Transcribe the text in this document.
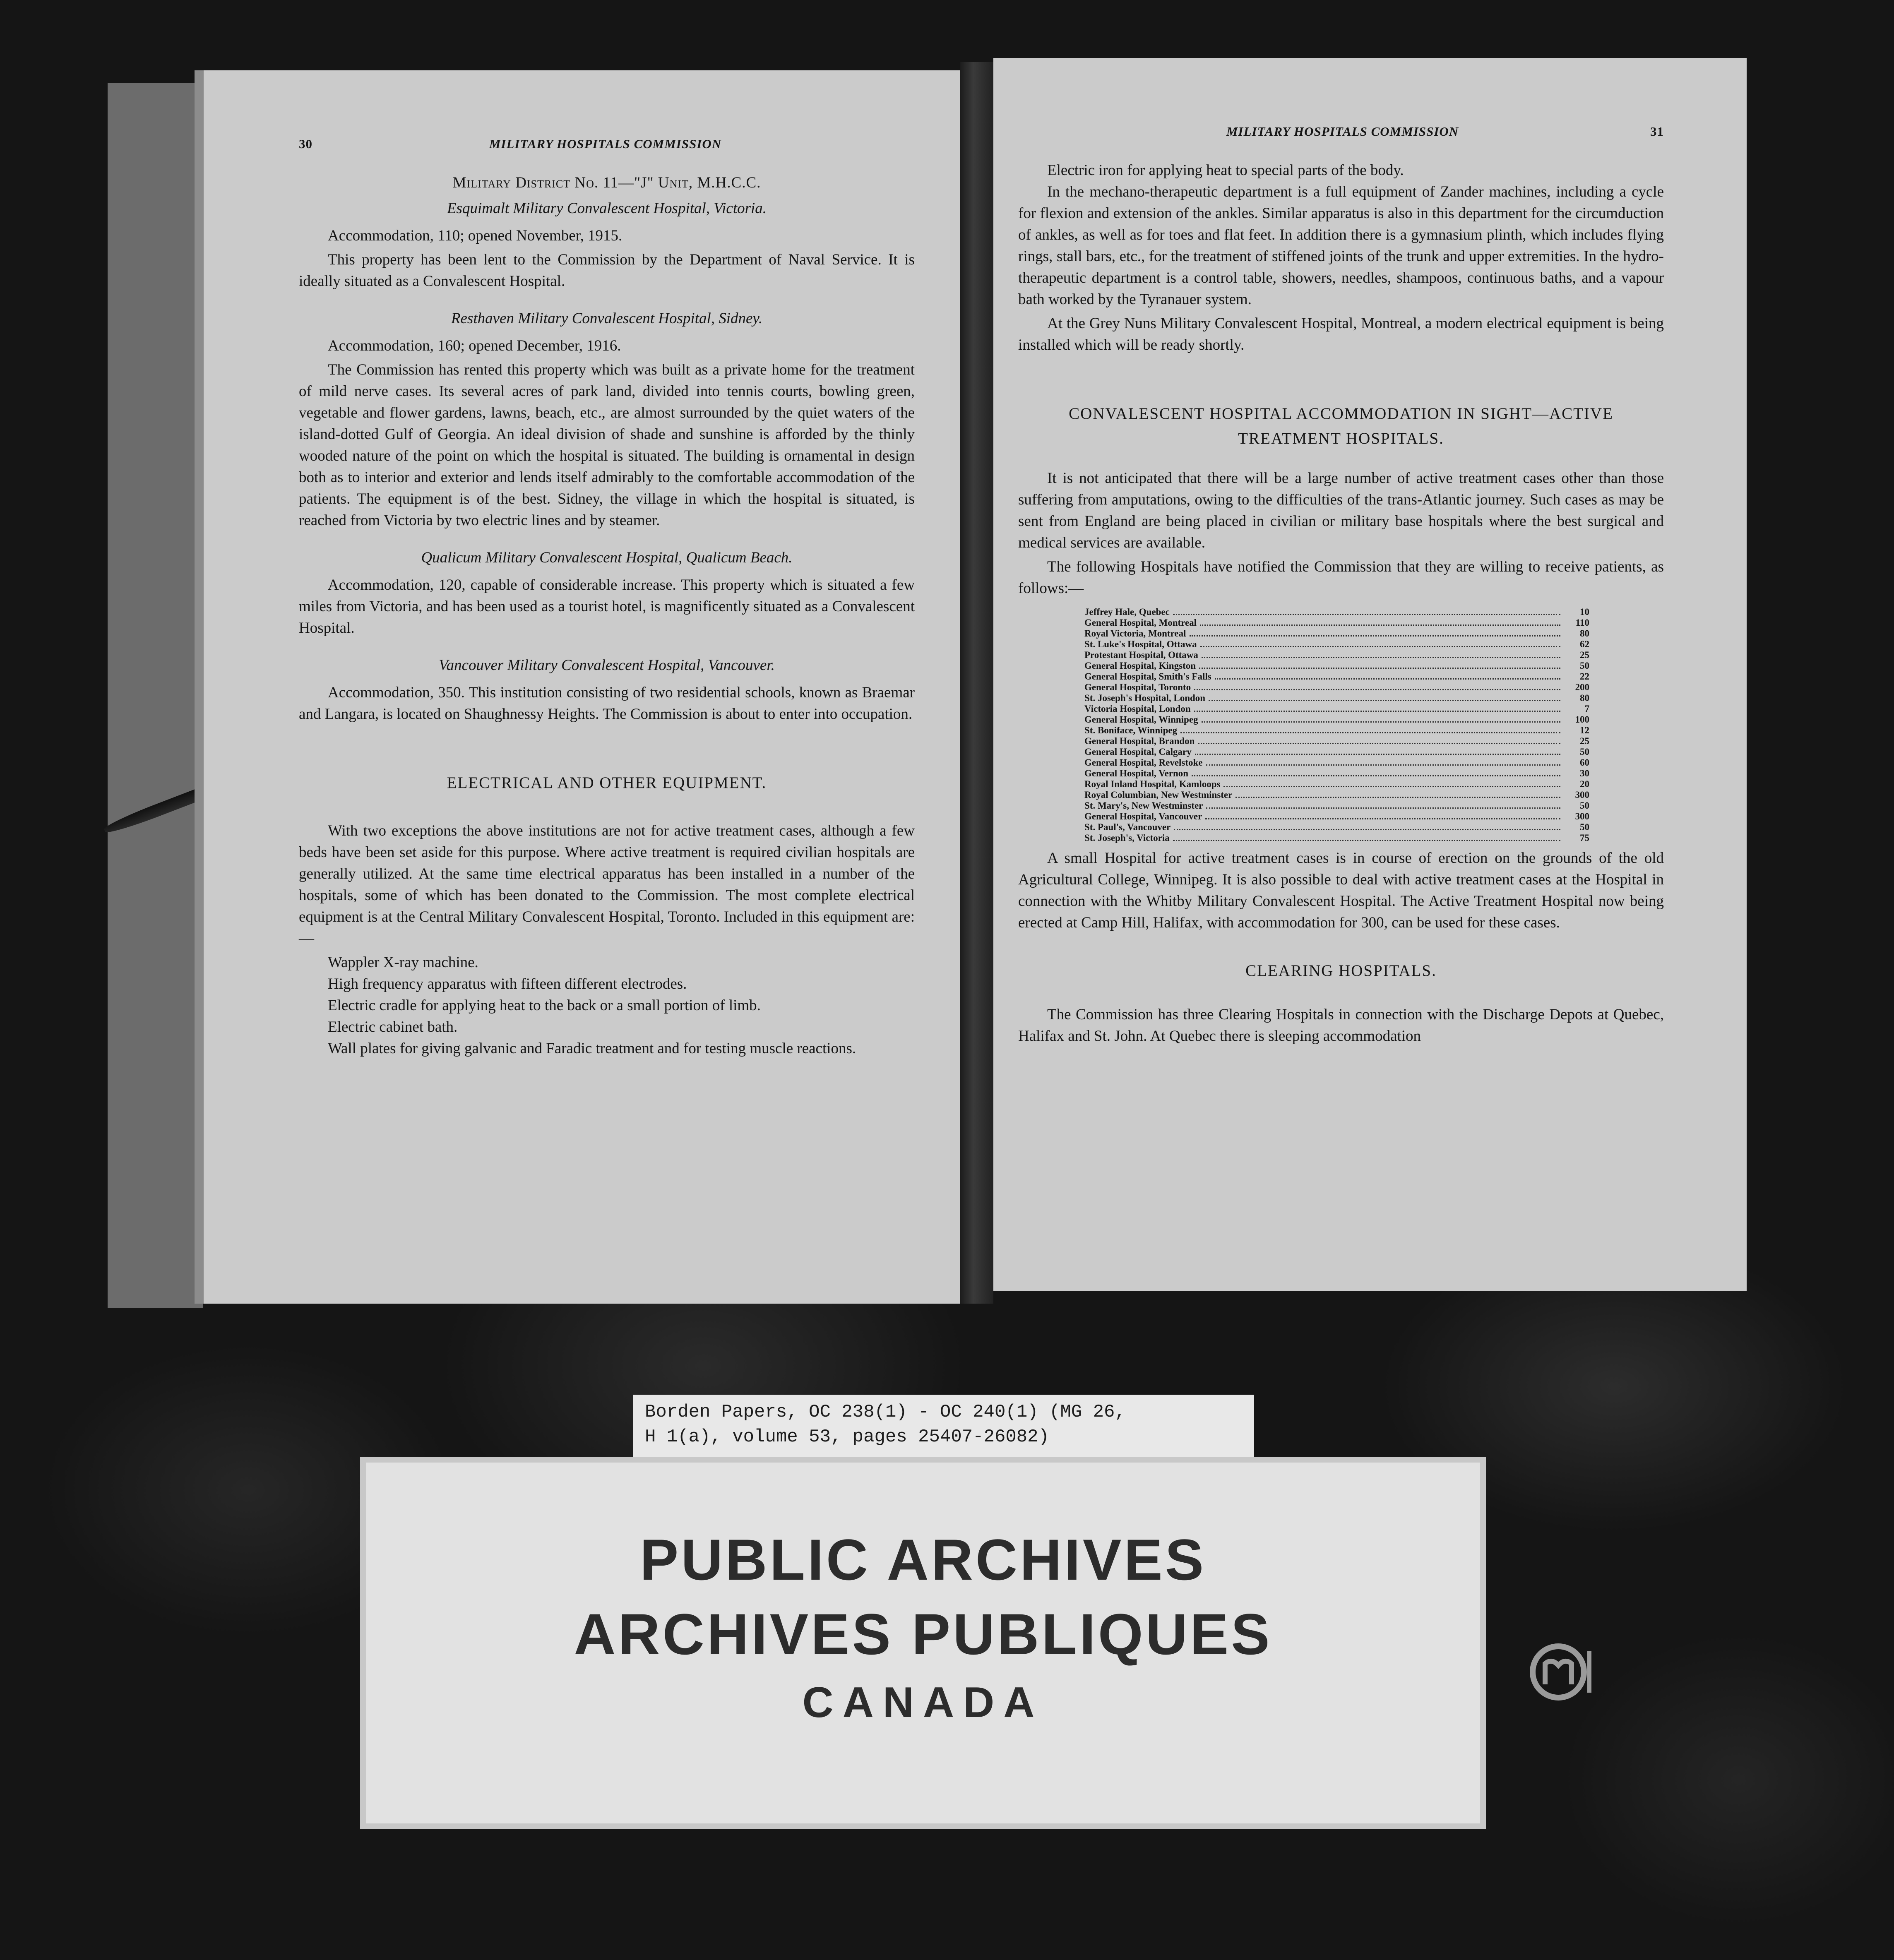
30	MILITARY HOSPITALS COMMISSION
Military District No. 11—"J" Unit, M.H.C.C.
Esquimalt Military Convalescent Hospital, Victoria.

Accommodation, 110; opened November, 1915.

This property has been lent to the Commission by the Department of Naval Service. It is ideally situated as a Convalescent Hospital.

Resthaven Military Convalescent Hospital, Sidney.

Accommodation, 160; opened December, 1916.

The Commission has rented this property which was built as a private home for the treatment of mild nerve cases. Its several acres of park land, divided into tennis courts, bowling green, vegetable and flower gardens, lawns, beach, etc., are almost surrounded by the quiet waters of the island-dotted Gulf of Georgia. An ideal division of shade and sunshine is afforded by the thinly wooded nature of the point on which the hospital is situated. The building is ornamental in design both as to interior and exterior and lends itself admirably to the comfortable accommodation of the patients. The equipment is of the best. Sidney, the village in which the hospital is situated, is reached from Victoria by two electric lines and by steamer.

Qualicum Military Convalescent Hospital, Qualicum Beach.

Accommodation, 120, capable of considerable increase. This property which is situated a few miles from Victoria, and has been used as a tourist hotel, is magnificently situated as a Convalescent Hospital.

Vancouver Military Convalescent Hospital, Vancouver.

Accommodation, 350. This institution consisting of two residential schools, known as Braemar and Langara, is located on Shaughnessy Heights. The Commission is about to enter into occupation.

ELECTRICAL AND OTHER EQUIPMENT.

With two exceptions the above institutions are not for active treatment cases, although a few beds have been set aside for this purpose. Where active treatment is required civilian hospitals are generally utilized. At the same time electrical apparatus has been installed in a number of the hospitals, some of which has been donated to the Commission. The most complete electrical equipment is at the Central Military Convalescent Hospital, Toronto. Included in this equipment are:—

Wappler X-ray machine.

High frequency apparatus with fifteen different electrodes.

Electric cradle for applying heat to the back or a small portion of limb.

Electric cabinet bath.

Wall plates for giving galvanic and Faradic treatment and for testing muscle reactions.

MILITARY HOSPITALS COMMISSION	31

Electric iron for applying heat to special parts of the body.

In the mechano-therapeutic department is a full equipment of Zander machines, including a cycle for flexion and extension of the ankles. Similar apparatus is also in this department for the circumduction of ankles, as well as for toes and flat feet. In addition there is a gymnasium plinth, which includes flying rings, stall bars, etc., for the treatment of stiffened joints of the trunk and upper extremities. In the hydro-therapeutic department is a control table, showers, needles, shampoos, continuous baths, and a vapour bath worked by the Tyranauer system.

At the Grey Nuns Military Convalescent Hospital, Montreal, a modern electrical equipment is being installed which will be ready shortly.

CONVALESCENT HOSPITAL ACCOMMODATION IN SIGHT—ACTIVE
TREATMENT HOSPITALS.

It is not anticipated that there will be a large number of active treatment cases other than those suffering from amputations, owing to the difficulties of the trans-Atlantic journey. Such cases as may be sent from England are being placed in civilian or military base hospitals where the best surgical and medical services are available.

The following Hospitals have notified the Commission that they are willing to receive patients, as follows:—

Jeffrey Hale, Quebec	10
General Hospital, Montreal	110
Royal Victoria, Montreal	80
St. Luke's Hospital, Ottawa	62
Protestant Hospital, Ottawa	25
General Hospital, Kingston	50
General Hospital, Smith's Falls	22
General Hospital, Toronto	200
St. Joseph's Hospital, London	80
Victoria Hospital, London	7
General Hospital, Winnipeg	100
St. Boniface, Winnipeg	12
General Hospital, Brandon	25
General Hospital, Calgary	50
General Hospital, Revelstoke	60
General Hospital, Vernon	30
Royal Inland Hospital, Kamloops	20
Royal Columbian, New Westminster	300
St. Mary's, New Westminster	50
General Hospital, Vancouver	300
St. Paul's, Vancouver	50
St. Joseph's, Victoria	75

A small Hospital for active treatment cases is in course of erection on the grounds of the old Agricultural College, Winnipeg. It is also possible to deal with active treatment cases at the Hospital in connection with the Whitby Military Convalescent Hospital. The Active Treatment Hospital now being erected at Camp Hill, Halifax, with accommodation for 300, can be used for these cases.

CLEARING HOSPITALS.

The Commission has three Clearing Hospitals in connection with the Discharge Depots at Quebec, Halifax and St. John. At Quebec there is sleeping accommodation

Borden Papers, OC 238(1) - OC 240(1) (MG 26,
H 1(a), volume 53, pages 25407-26082)
PUBLIC ARCHIVES
ARCHIVES PUBLIQUES
CANADA
